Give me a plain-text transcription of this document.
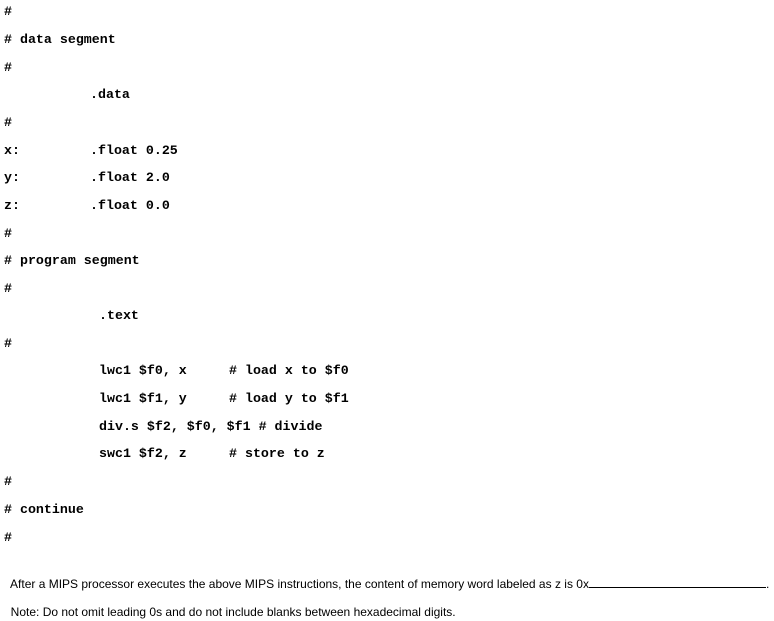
#
# data segment
#
.data
#

x:

	.float 0.25

y:

	.float 2.0

z:

	.float 0.0

#
# program segment
#
.text
#

lwc1 $f0, x

	# load x to $f0

lwc1 $f1, y

	# load y to $f1

div.s $f2, $f0, $f1 # divide

swc1 $f2, z

	# store to z

#
# continue
#

After a MIPS processor executes the above MIPS instructions, the content of memory word labeled as z is 0x	.

Note: Do not omit leading 0s and do not include blanks between hexadecimal digits.
